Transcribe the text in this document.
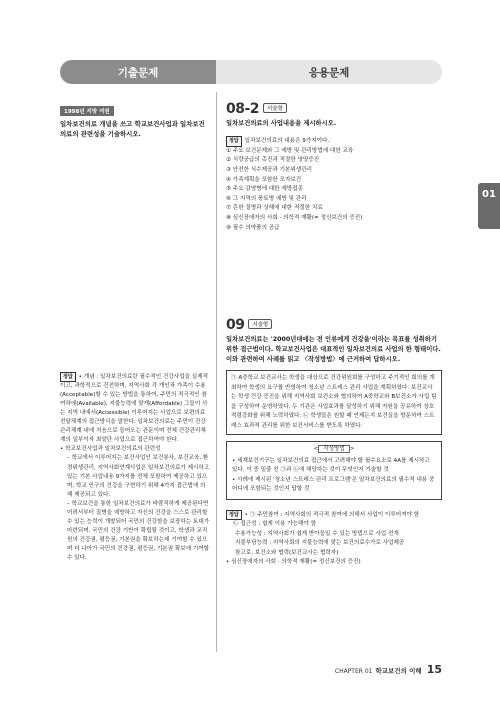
기출문제	응용문제
01
1998년 지방 여원
일차보건의료 개념을 쓰고 학교보건사업과 일차보건의료의 관련성을 기술하시오.
정답 • 개념 : 일차보건의료란 필수적인 건강사업을 실제적이고, 과학적으로 건전하며, 지역사회 각 개인과 가족이 수용(Acceptable)할 수 있는 방법을 통하여, 주민의 적극적인 참여하에(Available), 지불능력에 맞게(Affordable) 그들이 사는 지역 내에서(Accessible) 이루어지는 사업으로 보편의료 전달체계의 접근방식을 말한다. 일차보건의료는 주민이 건강관리체계 내에 처음으로 들어오는 관문이며 전체 건강관리체계의 일부이자 최말단 사업으로 접근하여야 한다.
• 학교보건사업과 일차보건의료의 관련성
– 학교에서 이루어지는 보건사업인 보건봉사, 보건교육, 환경위생관리, 지역사회연계사업은 일차보건의료가 제시하고 있는 기본 사업내용 9가지를 전체 포함하여 제공하고 있으며, 학교 인구의 건강을 구현하기 위해 4가지 접근법에 의해 제공되고 있다.
– 학교보건을 통한 일차보건의료가 바람직하게 제공된다면 어려서부터 질병을 예방하고 자신의 건강을 스스로 관리할 수 있는 능력이 개발되어 국민의 건강함을 보장하는 토대가 마련되며, 국민의 건강 기반이 확립될 것이고, 학생과 교직원의 건강권, 평등권, 기본권을 확보하는데 기여할 수 있으며 더 나아가 국민의 건강권, 평등권, 기본권 확보에 기여할 수 있다.
08-2 서술형
일차보건의료의 사업내용을 제시하시오.
정답 일차보건의료의 내용은 9가지이다.
① 주요 보건문제와 그 예방 및 관리방법에 대한 교육
② 식량공급의 촉진과 적절한 영양증진
③ 안전한 식수제공과 기본위생관리
④ 가족계획을 포함한 모자보건
⑤ 주요 감염병에 대한 예방접종
⑥ 그 지역의 풍토병 예방 및 관리
⑦ 흔한 질병과 상해에 대한 적절한 치료
⑧ 심신장애자의 사회 · 의학적 재활(= 정신보건의 증진)
⑨ 필수 의약품의 공급
09 서술형
일차보건의료는 '2000년대에는 전 인류에게 건강을'이라는 목표를 성취하기 위한 접근법이다. 학교보건사업은 대표적인 일차보건의료 사업의 한 형태이다. 이와 관련하여 사례를 읽고 〈작성방법〉에 근거하여 답하시오.
㉠ A중학교 보건교사는 학생을 대상으로 건강위원회를 구성하고 주기적인 회의를 개최하여 학생의 요구를 반영하여 청소년 스트레스 관리 사업을 계획하였다. 보건교사는 학생 건강 증진을 위해 지역사회 보건소와 협의하여 A중학교와 B보건소가 사업 팀을 구성하여 운영하였다. 두 기관은 사업효과를 달성하기 위해 자원을 공유하여 상호적령강화를 위해 노력하였다. ㉡ 학생들은 원할 때 언제든지 보건실을 방문하여 스트레스 효과적 관리를 위한 보건서비스를 받도록 하였다.
< 작성방법 >
• 세계보건기구는 일차보건의료 접근에서 고려해야 할 필수요소로 4A를 제시하고 있다. 이 중 밑줄 친 ㉠과 ㉡에 해당하는 것이 무엇인지 기술할 것
• 사례에 제시된 '청소년 스트레스 관리 프로그램'은 일차보건의료의 필수적 내용 중 어디에 포함되는 것인지 답할 것
정답 • ㉠ 주민참여 : 지역사회의 적극적 참여에 의해서 사업이 이루어져야 함
㉡ 접근성 : 쉽게 이용 가능해야 함
수용가능성 : 지역사회가 쉽게 받아들일 수 있는 방법으로 사업 전개
지불부담능력 : 지역사회의 지불능력에 맞는 보건의료수가로 사업제공
참고로, 보건소와 협력(보건교사는 협력자)
• 심신장애자의 사회 · 의학적 재활(= 정신보건의 증진)
CHAPTER 01 학교보건의 이해 15
